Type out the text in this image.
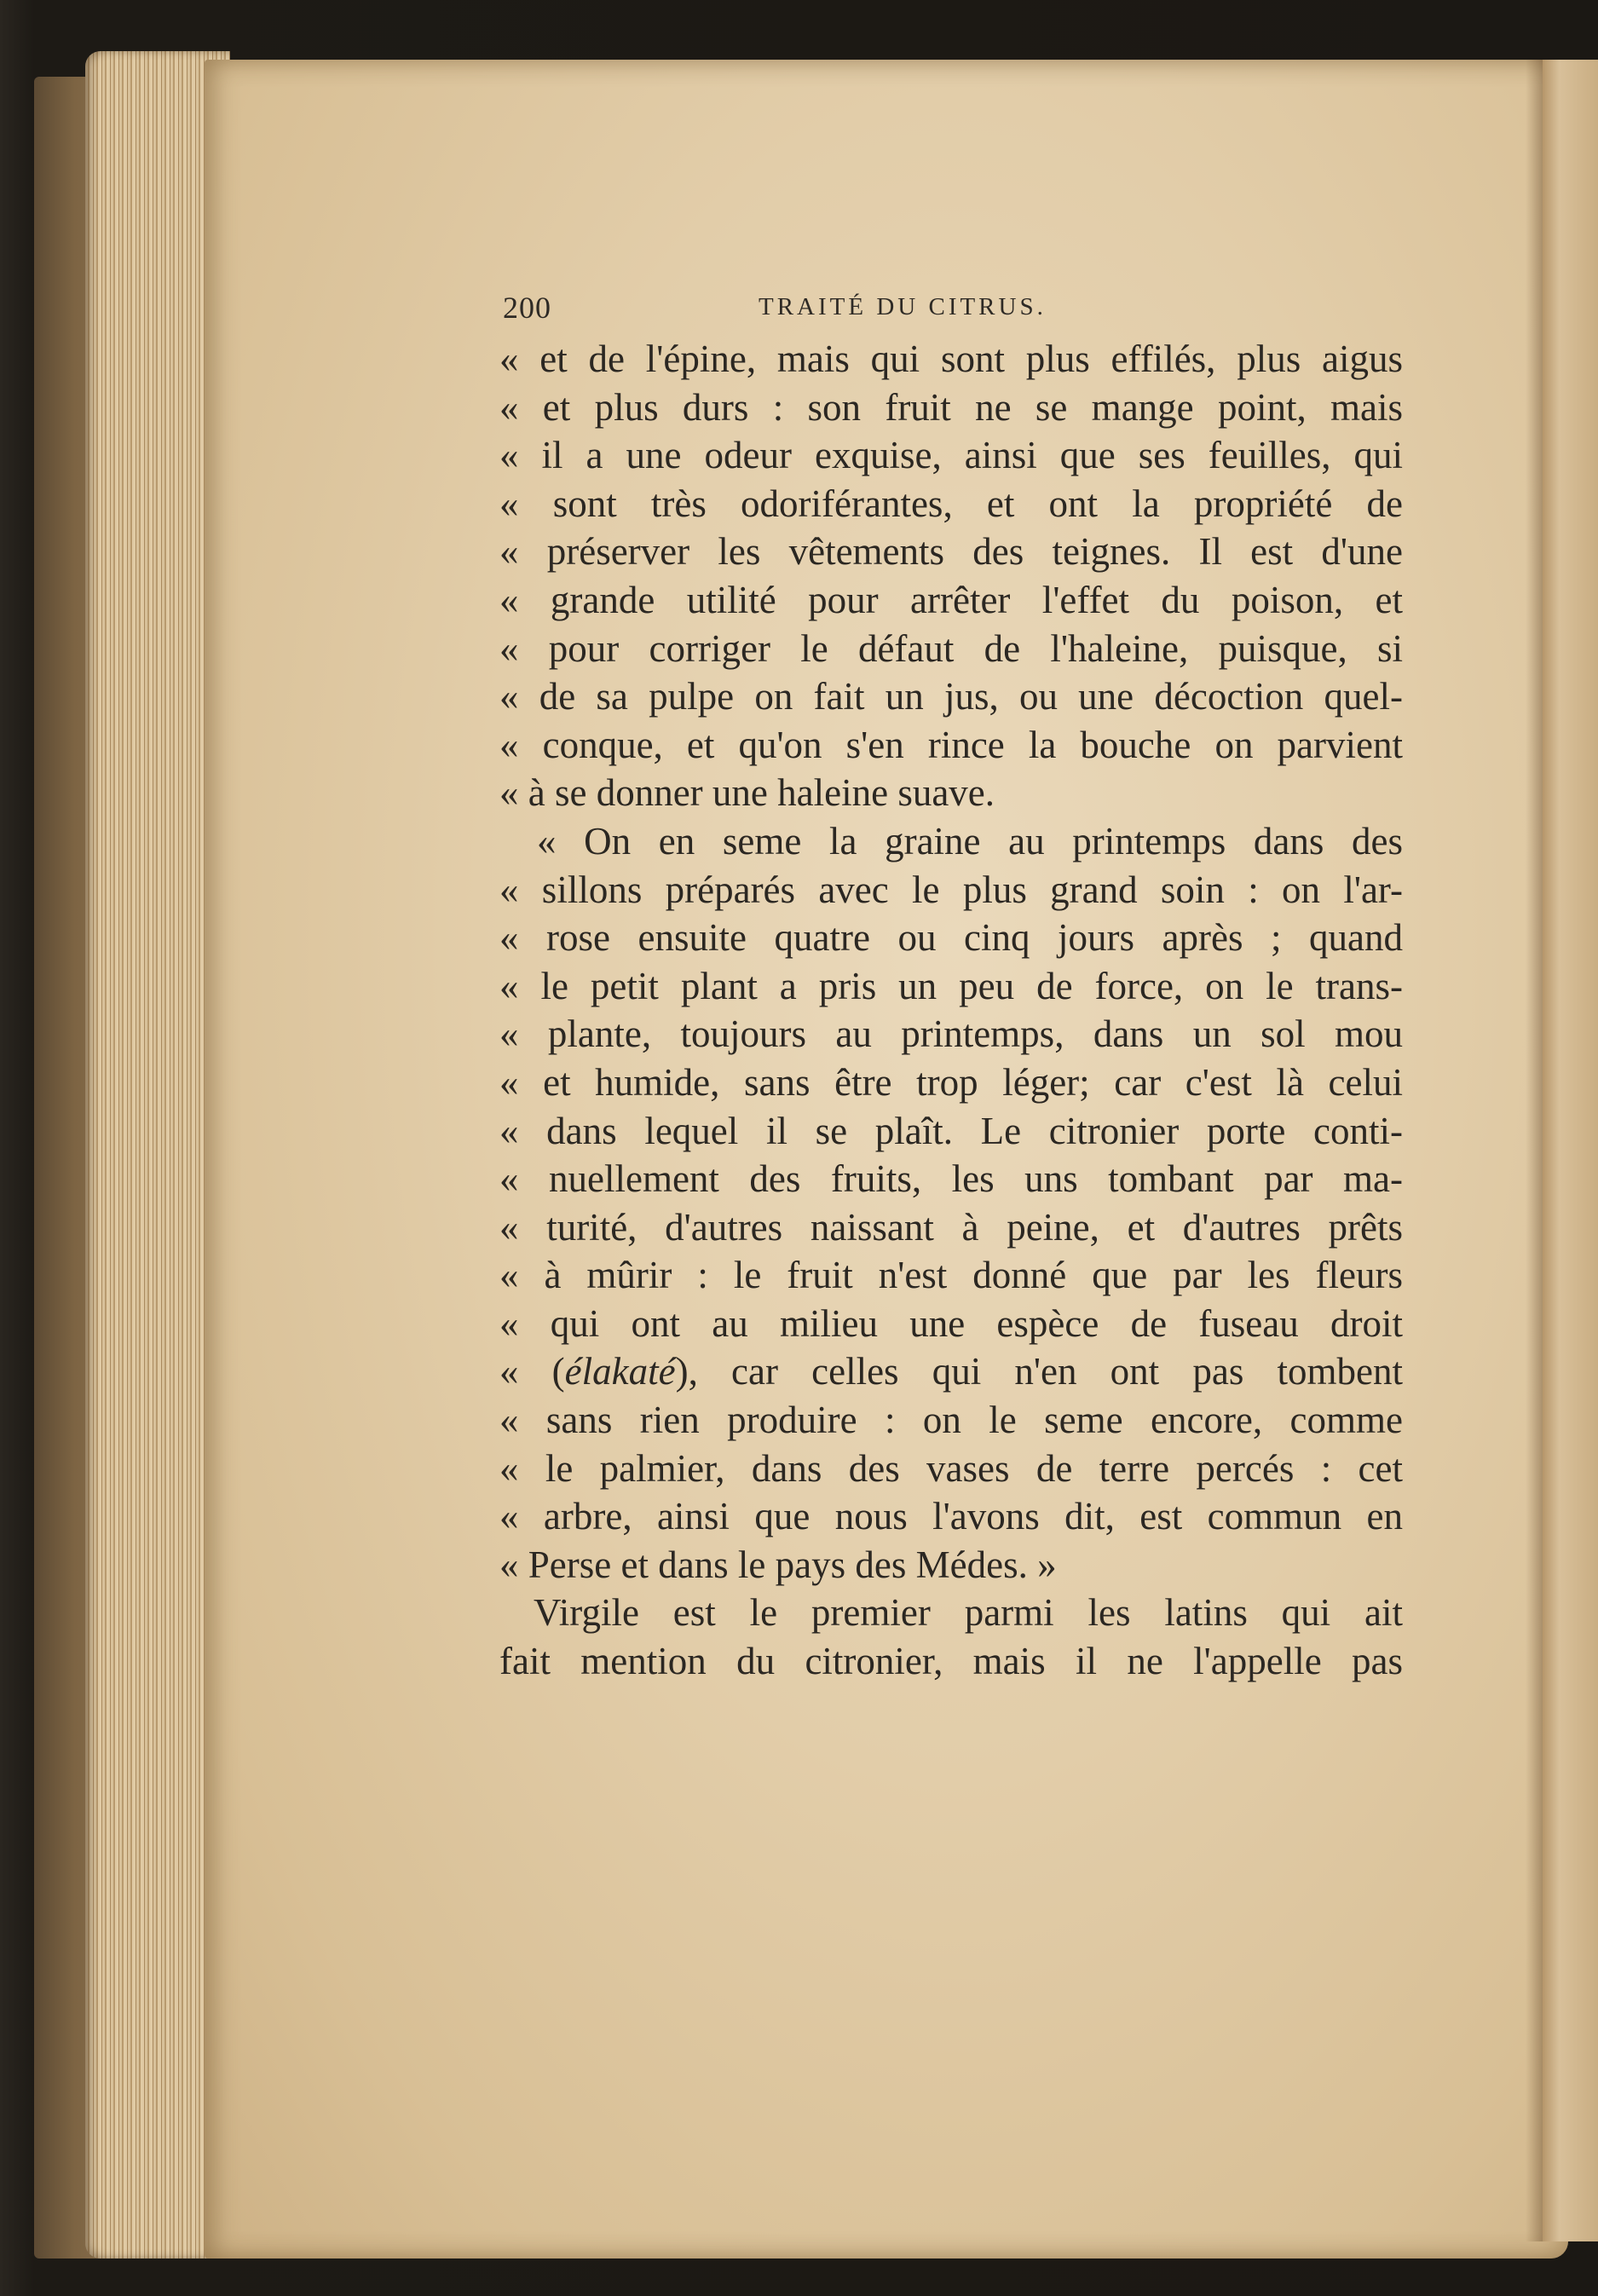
200	TRAITÉ DU CITRUS.
« et de l'épine, mais qui sont plus effilés, plus aigus
« et plus durs : son fruit ne se mange point, mais
« il a une odeur exquise, ainsi que ses feuilles, qui
« sont très odoriférantes, et ont la propriété de
« préserver les vêtements des teignes. Il est d'une
« grande utilité pour arrêter l'effet du poison, et
« pour corriger le défaut de l'haleine, puisque, si
« de sa pulpe on fait un jus, ou une décoction quel-
« conque, et qu'on s'en rince la bouche on parvient
« à se donner une haleine suave.
« On en seme la graine au printemps dans des
« sillons préparés avec le plus grand soin : on l'ar-
« rose ensuite quatre ou cinq jours après ; quand
« le petit plant a pris un peu de force, on le trans-
« plante, toujours au printemps, dans un sol mou
« et humide, sans être trop léger; car c'est là celui
« dans lequel il se plaît. Le citronier porte conti-
« nuellement des fruits, les uns tombant par ma-
« turité, d'autres naissant à peine, et d'autres prêts
« à mûrir : le fruit n'est donné que par les fleurs
« qui ont au milieu une espèce de fuseau droit
« (élakaté), car celles qui n'en ont pas tombent
« sans rien produire : on le seme encore, comme
« le palmier, dans des vases de terre percés : cet
« arbre, ainsi que nous l'avons dit, est commun en
« Perse et dans le pays des Médes. »
Virgile est le premier parmi les latins qui ait
fait mention du citronier, mais il ne l'appelle pas
